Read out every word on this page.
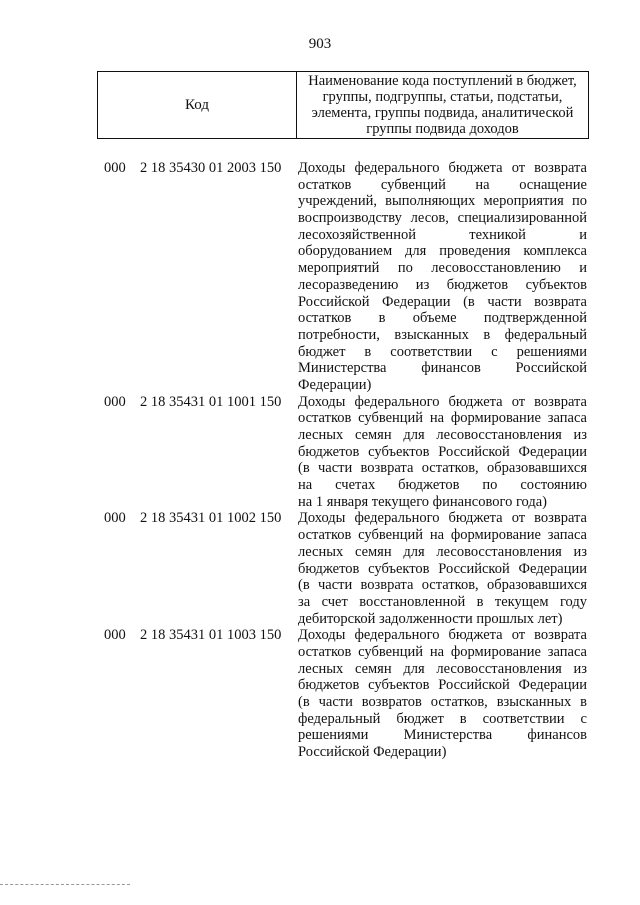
903
Код
Наименование кода поступлений в бюджет, группы, подгруппы, статьи, подстатьи, элемента, группы подвида, аналитической группы подвида доходов
000 2 18 35430 01 2003 150	Доходы федерального бюджета от возврата
остатков субвенций на оснащение
учреждений, выполняющих мероприятия по
воспроизводству лесов, специализированной
лесохозяйственной техникой и
оборудованием для проведения комплекса
мероприятий по лесовосстановлению и
лесоразведению из бюджетов субъектов
Российской Федерации (в части возврата
остатков в объеме подтвержденной
потребности, взысканных в федеральный
бюджет в соответствии с решениями
Министерства финансов Российской
Федерации)
000 2 18 35431 01 1001 150	Доходы федерального бюджета от возврата
остатков субвенций на формирование запаса
лесных семян для лесовосстановления из
бюджетов субъектов Российской Федерации
(в части возврата остатков, образовавшихся
на счетах бюджетов по состоянию
на 1 января текущего финансового года)
000 2 18 35431 01 1002 150	Доходы федерального бюджета от возврата
остатков субвенций на формирование запаса
лесных семян для лесовосстановления из
бюджетов субъектов Российской Федерации
(в части возврата остатков, образовавшихся
за счет восстановленной в текущем году
дебиторской задолженности прошлых лет)
000 2 18 35431 01 1003 150	Доходы федерального бюджета от возврата
остатков субвенций на формирование запаса
лесных семян для лесовосстановления из
бюджетов субъектов Российской Федерации
(в части возвратов остатков, взысканных в
федеральный бюджет в соответствии с
решениями Министерства финансов
Российской Федерации)
